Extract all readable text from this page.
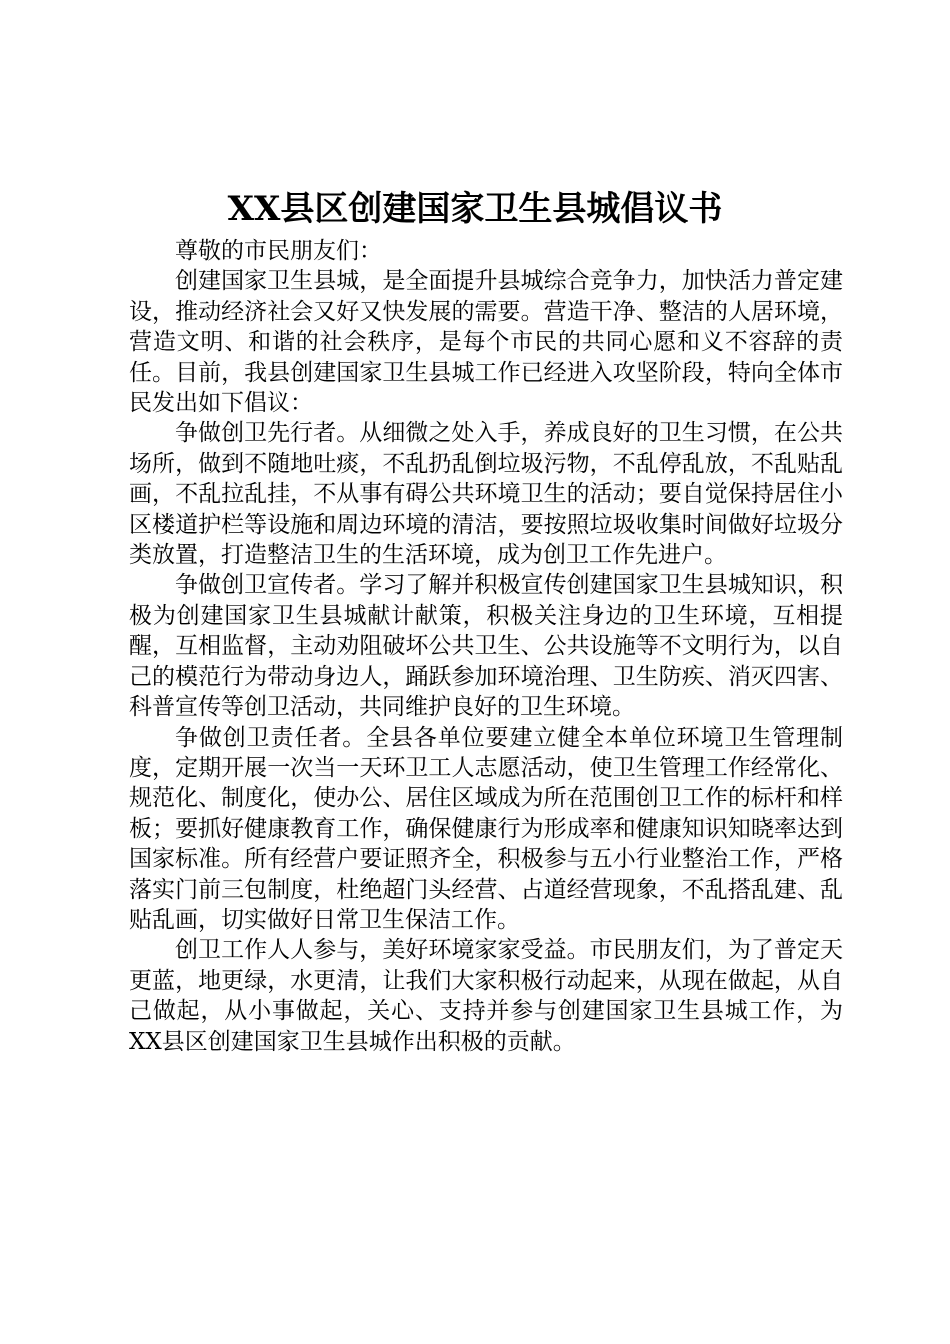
XX县区创建国家卫生县城倡议书

尊敬的市民朋友们：

创建国家卫生县城，是全面提升县城综合竞争力，加快活力普定建设，推动经济社会又好又快发展的需要。营造干净、整洁的人居环境，营造文明、和谐的社会秩序，是每个市民的共同心愿和义不容辞的责任。目前，我县创建国家卫生县城工作已经进入攻坚阶段，特向全体市民发出如下倡议：

争做创卫先行者。从细微之处入手，养成良好的卫生习惯，在公共场所，做到不随地吐痰，不乱扔乱倒垃圾污物，不乱停乱放，不乱贴乱画，不乱拉乱挂，不从事有碍公共环境卫生的活动；要自觉保持居住小区楼道护栏等设施和周边环境的清洁，要按照垃圾收集时间做好垃圾分类放置，打造整洁卫生的生活环境，成为创卫工作先进户。

争做创卫宣传者。学习了解并积极宣传创建国家卫生县城知识，积极为创建国家卫生县城献计献策，积极关注身边的卫生环境，互相提醒，互相监督，主动劝阻破坏公共卫生、公共设施等不文明行为，以自己的模范行为带动身边人，踊跃参加环境治理、卫生防疾、消灭四害、科普宣传等创卫活动，共同维护良好的卫生环境。

争做创卫责任者。全县各单位要建立健全本单位环境卫生管理制度，定期开展一次当一天环卫工人志愿活动，使卫生管理工作经常化、规范化、制度化，使办公、居住区域成为所在范围创卫工作的标杆和样板；要抓好健康教育工作，确保健康行为形成率和健康知识知晓率达到国家标准。所有经营户要证照齐全，积极参与五小行业整治工作，严格落实门前三包制度，杜绝超门头经营、占道经营现象，不乱搭乱建、乱贴乱画，切实做好日常卫生保洁工作。

创卫工作人人参与，美好环境家家受益。市民朋友们，为了普定天更蓝，地更绿，水更清，让我们大家积极行动起来，从现在做起，从自己做起，从小事做起，关心、支持并参与创建国家卫生县城工作，为XX县区创建国家卫生县城作出积极的贡献。
